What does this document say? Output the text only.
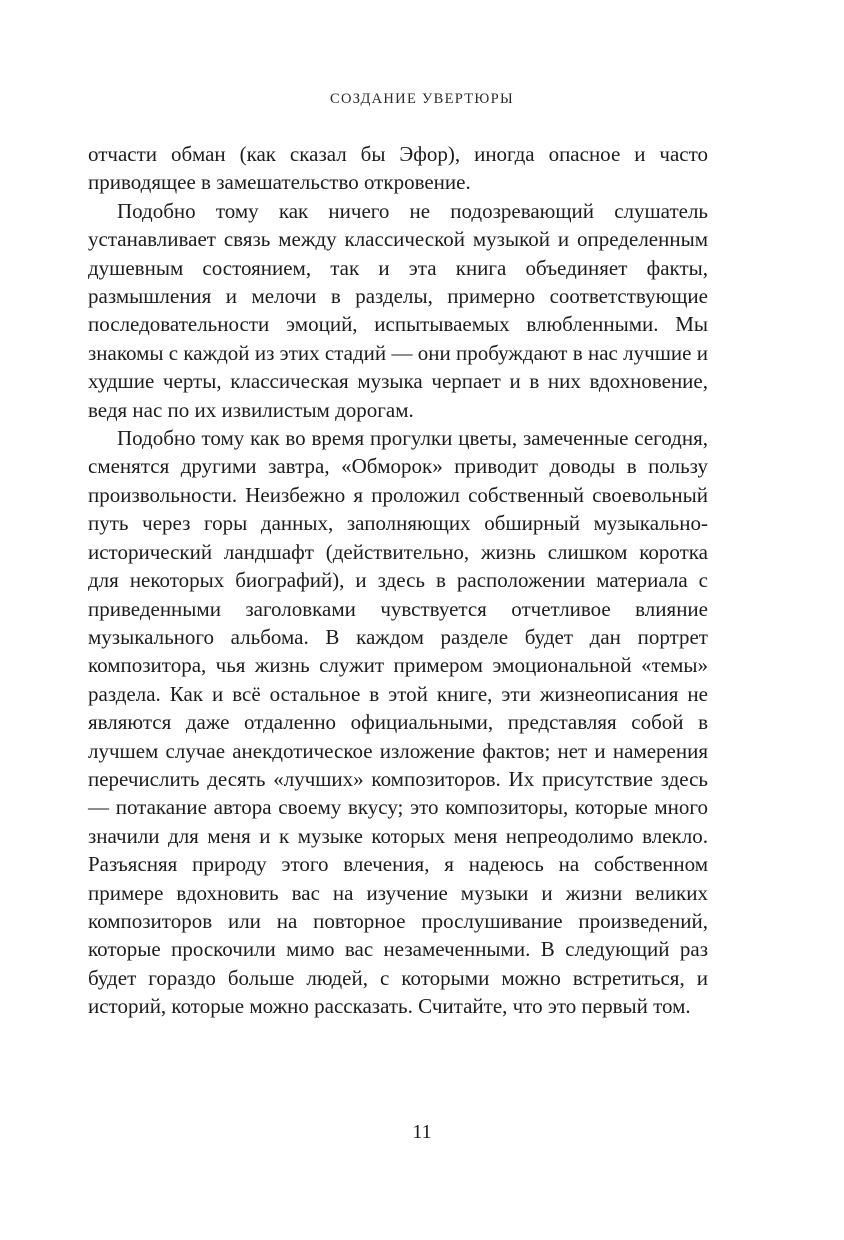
СОЗДАНИЕ УВЕРТЮРЫ

отчасти обман (как сказал бы Эфор), иногда опасное и часто приводящее в замешательство откровение.

Подобно тому как ничего не подозревающий слушатель устанавливает связь между классической музыкой и определенным душевным состоянием, так и эта книга объединяет факты, размышления и мелочи в разделы, примерно соответствующие последовательности эмоций, испытываемых влюбленными. Мы знакомы с каждой из этих стадий — они пробуждают в нас лучшие и худшие черты, классическая музыка черпает и в них вдохновение, ведя нас по их извилистым дорогам.

Подобно тому как во время прогулки цветы, замеченные сегодня, сменятся другими завтра, «Обморок» приводит доводы в пользу произвольности. Неизбежно я проложил собственный своевольный путь через горы данных, заполняющих обширный музыкально-исторический ландшафт (действительно, жизнь слишком коротка для некоторых биографий), и здесь в расположении материала с приведенными заголовками чувствуется отчетливое влияние музыкального альбома. В каждом разделе будет дан портрет композитора, чья жизнь служит примером эмоциональной «темы» раздела. Как и всё остальное в этой книге, эти жизнеописания не являются даже отдаленно официальными, представляя собой в лучшем случае анекдотическое изложение фактов; нет и намерения перечислить десять «лучших» композиторов. Их присутствие здесь — потакание автора своему вкусу; это композиторы, которые много значили для меня и к музыке которых меня непреодолимо влекло. Разъясняя природу этого влечения, я надеюсь на собственном примере вдохновить вас на изучение музыки и жизни великих композиторов или на повторное прослушивание произведений, которые проскочили мимо вас незамеченными. В следующий раз будет гораздо больше людей, с которыми можно встретиться, и историй, которые можно рассказать. Считайте, что это первый том.

11
